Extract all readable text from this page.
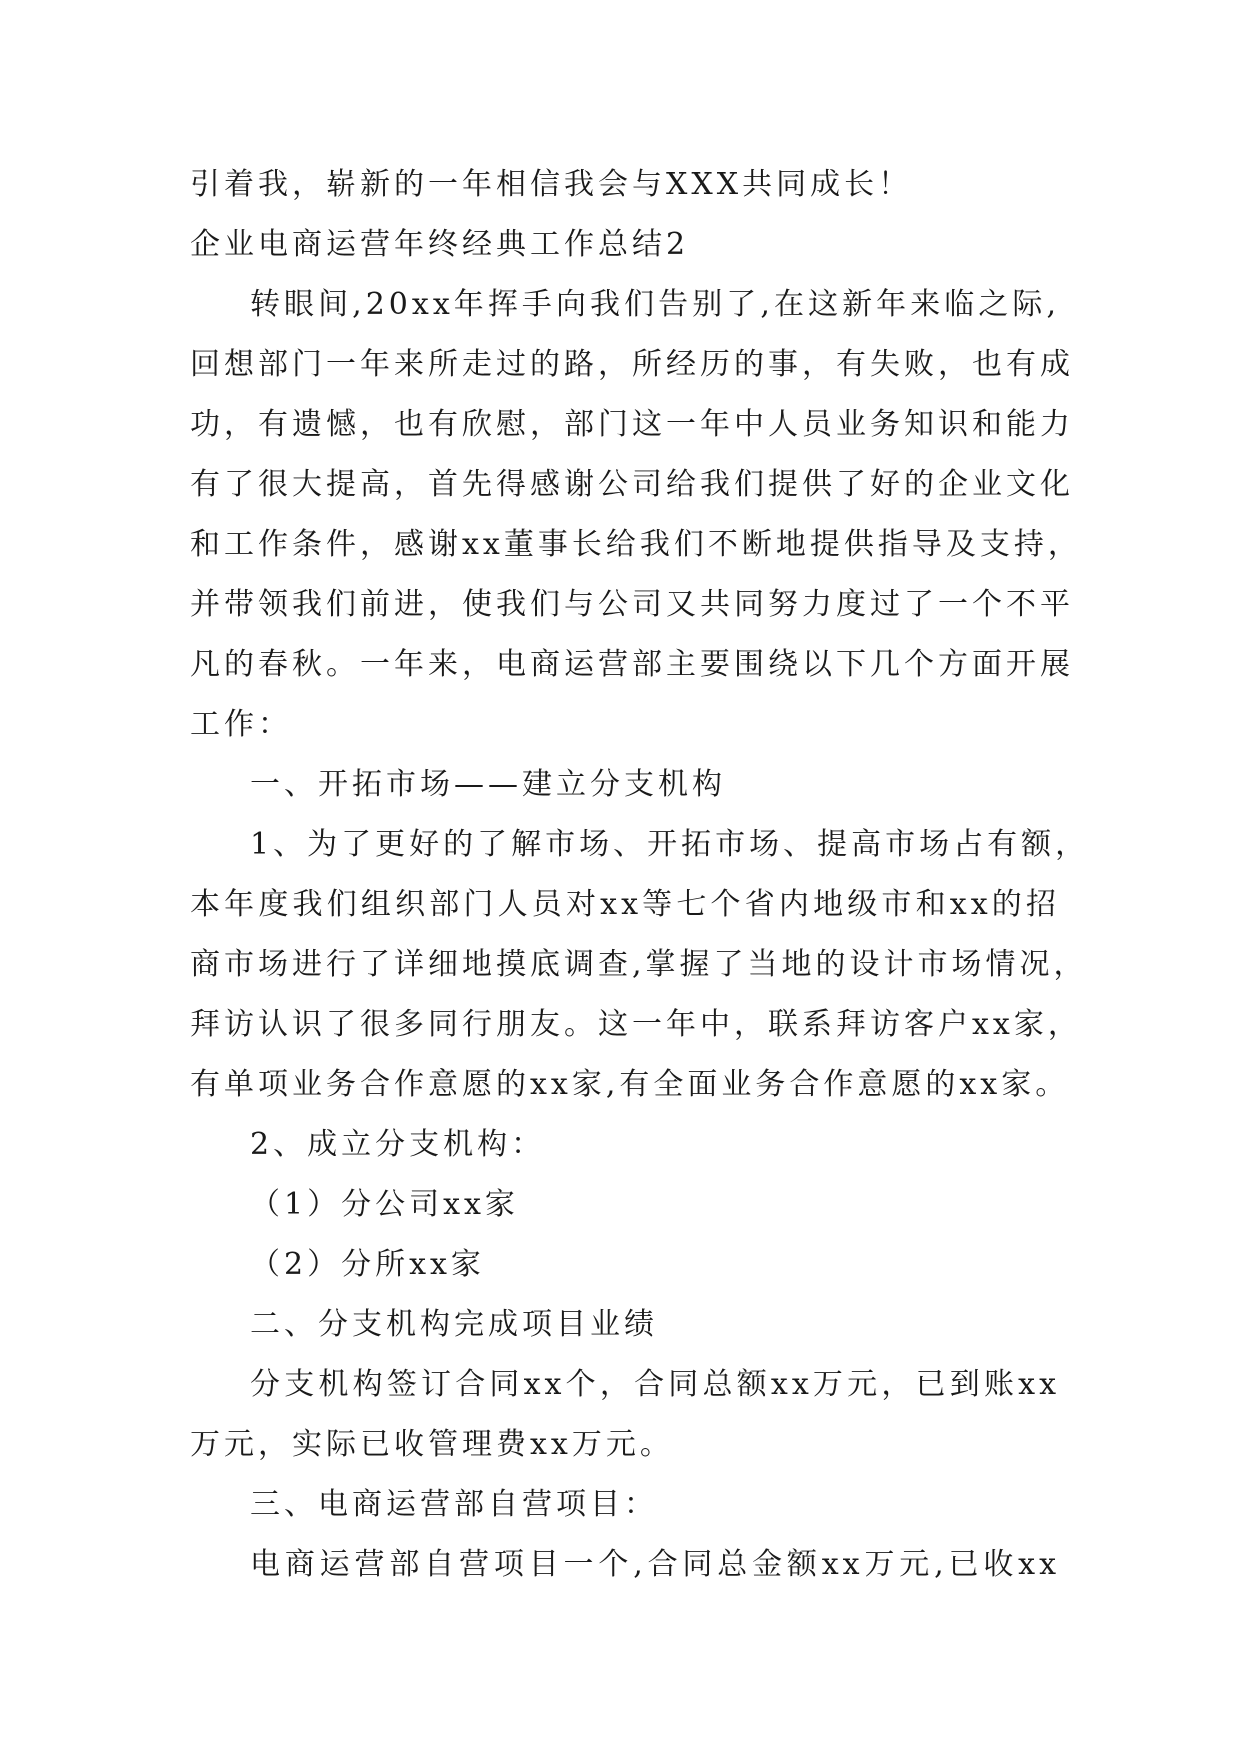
引着我，崭新的一年相信我会与XXX共同成长！
企业电商运营年终经典工作总结2
转眼间,20xx年挥手向我们告别了,在这新年来临之际,
回想部门一年来所走过的路，所经历的事，有失败，也有成
功，有遗憾，也有欣慰，部门这一年中人员业务知识和能力
有了很大提高，首先得感谢公司给我们提供了好的企业文化
和工作条件，感谢xx董事长给我们不断地提供指导及支持，
并带领我们前进，使我们与公司又共同努力度过了一个不平
凡的春秋。一年来，电商运营部主要围绕以下几个方面开展
工作：
一、开拓市场——建立分支机构
1、为了更好的了解市场、开拓市场、提高市场占有额，
本年度我们组织部门人员对xx等七个省内地级市和xx的招
商市场进行了详细地摸底调查,掌握了当地的设计市场情况，
拜访认识了很多同行朋友。这一年中，联系拜访客户xx家，
有单项业务合作意愿的xx家,有全面业务合作意愿的xx家。
2、成立分支机构：
（1）分公司xx家
（2）分所xx家
二、分支机构完成项目业绩
分支机构签订合同xx个，合同总额xx万元，已到账xx
万元，实际已收管理费xx万元。
三、电商运营部自营项目：
电商运营部自营项目一个,合同总金额xx万元,已收xx
